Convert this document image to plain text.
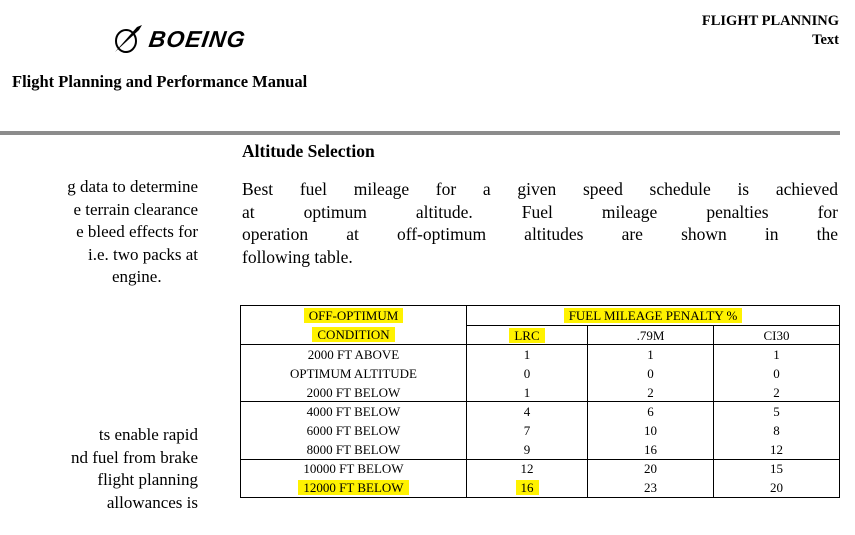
BOEING
Flight Planning and Performance Manual
FLIGHT PLANNING
Text
g data to determine
e terrain clearance
e bleed effects for
i.e. two packs at
engine.
ts enable rapid
nd fuel from brake
flight planning
allowances is
Altitude Selection
Best fuel mileage for a given speed schedule is achieved
at optimum altitude. Fuel mileage penalties for
operation at off-optimum altitudes are shown in the
following table.
OFF-OPTIMUM	FUEL MILEAGE PENALTY %		
CONDITION	LRC	.79M	CI30
2000 FT ABOVE	1	1	1
OPTIMUM ALTITUDE	0	0	0
2000 FT BELOW	1	2	2
4000 FT BELOW	4	6	5
6000 FT BELOW	7	10	8
8000 FT BELOW	9	16	12
10000 FT BELOW	12	20	15
12000 FT BELOW	16	23	20
